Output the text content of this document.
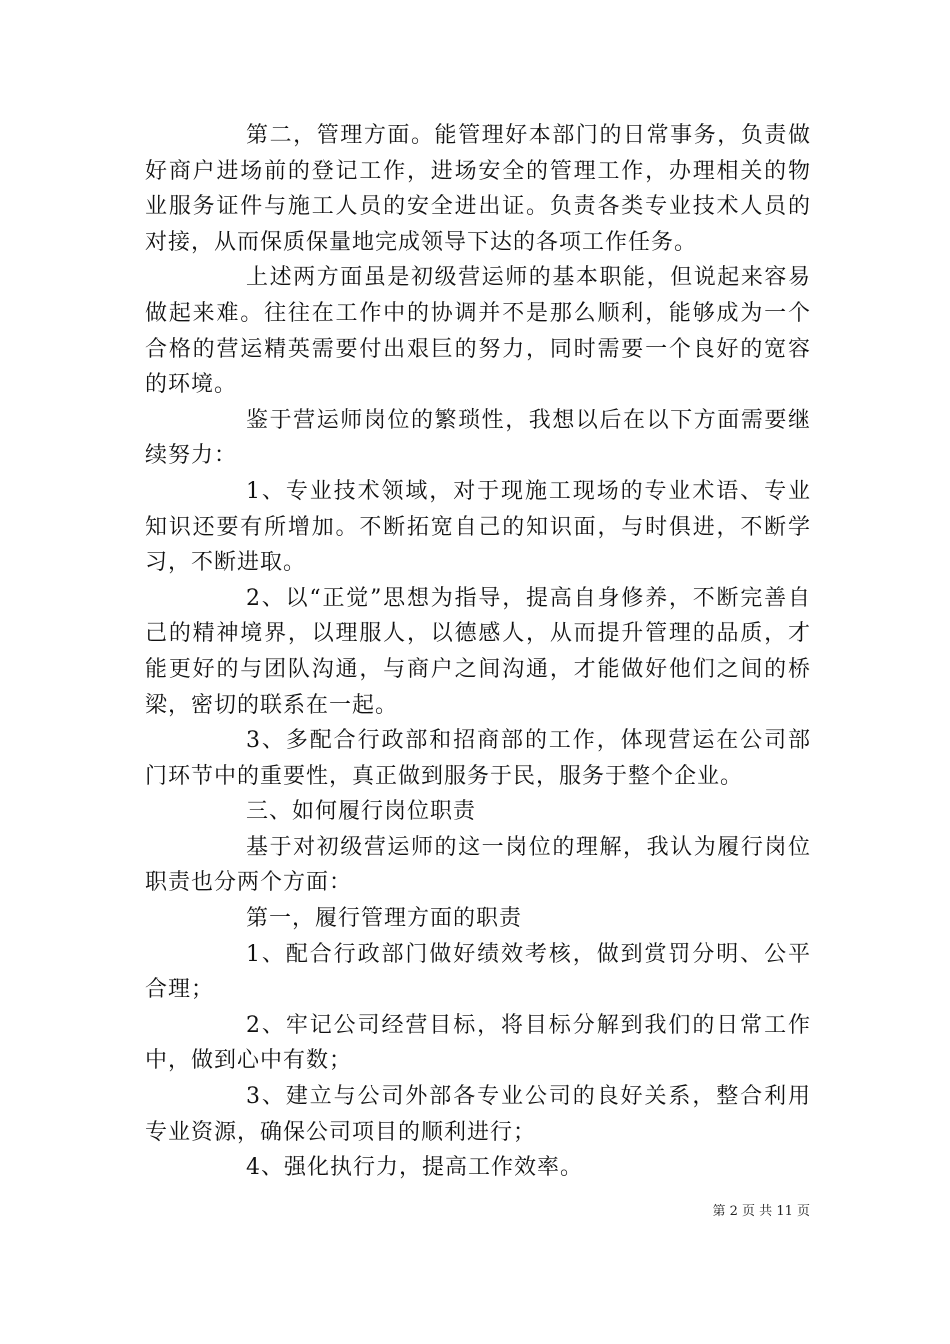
第二，管理方面。能管理好本部门的日常事务，负责做好商户进场前的登记工作，进场安全的管理工作，办理相关的物业服务证件与施工人员的安全进出证。负责各类专业技术人员的对接，从而保质保量地完成领导下达的各项工作任务。

上述两方面虽是初级营运师的基本职能，但说起来容易做起来难。往往在工作中的协调并不是那么顺利，能够成为一个合格的营运精英需要付出艰巨的努力，同时需要一个良好的宽容的环境。

鉴于营运师岗位的繁琐性，我想以后在以下方面需要继续努力：

1、专业技术领域，对于现施工现场的专业术语、专业知识还要有所增加。不断拓宽自己的知识面，与时俱进，不断学习，不断进取。

2、以“正觉”思想为指导，提高自身修养，不断完善自己的精神境界，以理服人，以德感人，从而提升管理的品质，才能更好的与团队沟通，与商户之间沟通，才能做好他们之间的桥梁，密切的联系在一起。

3、多配合行政部和招商部的工作，体现营运在公司部门环节中的重要性，真正做到服务于民，服务于整个企业。

三、如何履行岗位职责

基于对初级营运师的这一岗位的理解，我认为履行岗位职责也分两个方面：

第一，履行管理方面的职责

1、配合行政部门做好绩效考核，做到赏罚分明、公平合理；

2、牢记公司经营目标，将目标分解到我们的日常工作中，做到心中有数；

3、建立与公司外部各专业公司的良好关系，整合利用专业资源，确保公司项目的顺利进行；

4、强化执行力，提高工作效率。

第 2 页 共 11 页
